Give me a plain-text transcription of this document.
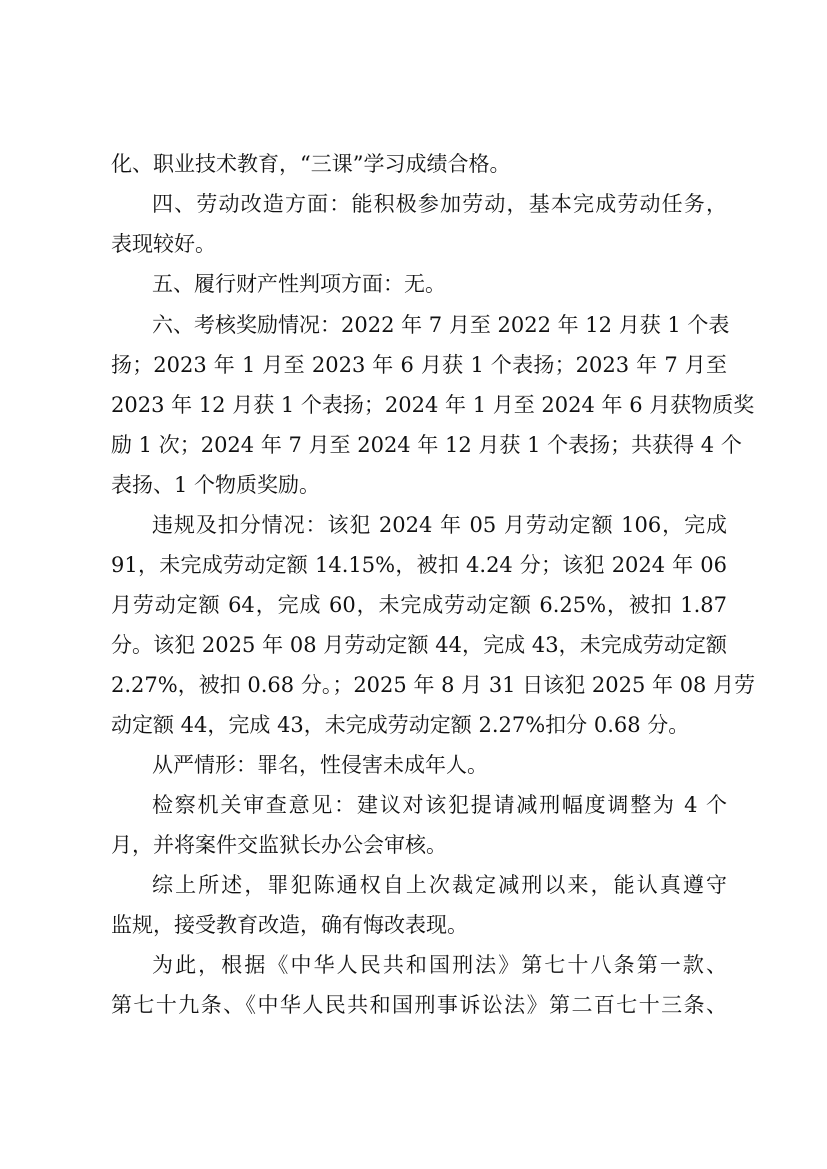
化、职业技术教育，“三课”学习成绩合格。
四、劳动改造方面：能积极参加劳动，基本完成劳动任务，
表现较好。
五、履行财产性判项方面：无。
六、考核奖励情况：2022 年 7 月至 2022 年 12 月获 1 个表
扬；2023 年 1 月至 2023 年 6 月获 1 个表扬；2023 年 7 月至
2023 年 12 月获 1 个表扬；2024 年 1 月至 2024 年 6 月获物质奖
励 1 次；2024 年 7 月至 2024 年 12 月获 1 个表扬；共获得 4 个
表扬、1 个物质奖励。
违规及扣分情况：该犯 2024 年 05 月劳动定额 106，完成
91，未完成劳动定额 14.15%，被扣 4.24 分；该犯 2024 年 06
月劳动定额 64，完成 60，未完成劳动定额 6.25%，被扣 1.87
分。该犯 2025 年 08 月劳动定额 44，完成 43，未完成劳动定额
2.27%，被扣 0.68 分。；2025 年 8 月 31 日该犯 2025 年 08 月劳
动定额 44，完成 43，未完成劳动定额 2.27%扣分 0.68 分。
从严情形：罪名，性侵害未成年人。
检察机关审查意见：建议对该犯提请减刑幅度调整为 4 个
月，并将案件交监狱长办公会审核。
综上所述，罪犯陈通权自上次裁定减刑以来，能认真遵守
监规，接受教育改造，确有悔改表现。
为此，根据《中华人民共和国刑法》第七十八条第一款、
第七十九条、《中华人民共和国刑事诉讼法》第二百七十三条、
